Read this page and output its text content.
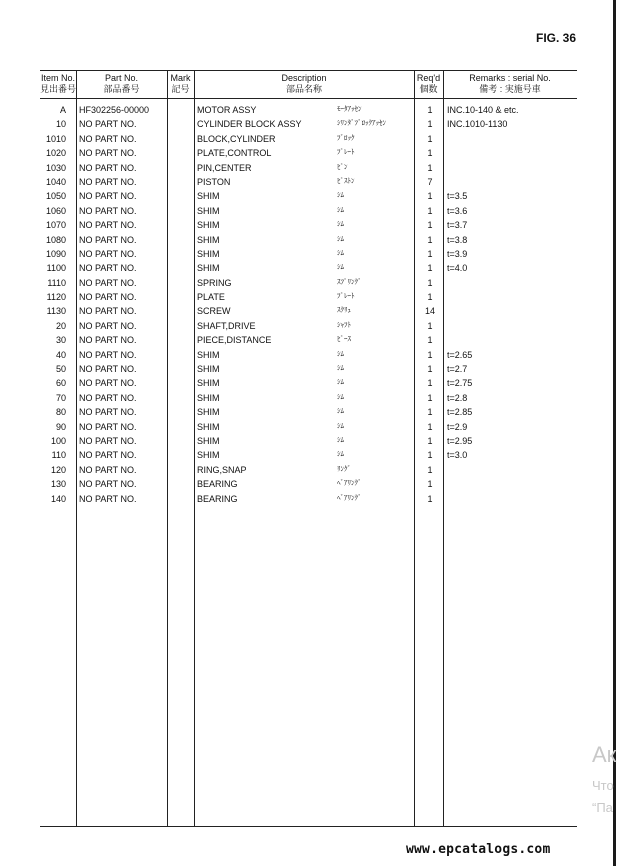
FIG. 36
Item No.
見出番号
Part No.
部品番号
Mark
記号
Description
部品名称
Req'd
個数
Remarks : serial No.
備考 : 実施号車
A HF302256-00000	MOTOR ASSY	ﾓｰﾀｱｯｾﾝ	1	INC.10-140 & etc.
10 NO PART NO.	CYLINDER BLOCK ASSY	ｼﾘﾝﾀﾞﾌﾞﾛｯｸｱｯｾﾝ	1	INC.1010-1130
1010 NO PART NO.	BLOCK,CYLINDER	ﾌﾞﾛｯｸ	1
1020 NO PART NO.	PLATE,CONTROL	ﾌﾟﾚｰﾄ	1
1030 NO PART NO.	PIN,CENTER	ﾋﾟﾝ	1
1040 NO PART NO.	PISTON	ﾋﾟｽﾄﾝ	7
1050 NO PART NO.	SHIM	ｼﾑ	1	t=3.5
1060 NO PART NO.	SHIM	ｼﾑ	1	t=3.6
1070 NO PART NO.	SHIM	ｼﾑ	1	t=3.7
1080 NO PART NO.	SHIM	ｼﾑ	1	t=3.8
1090 NO PART NO.	SHIM	ｼﾑ	1	t=3.9
1100 NO PART NO.	SHIM	ｼﾑ	1	t=4.0
1110 NO PART NO.	SPRING	ｽﾌﾟﾘﾝｸﾞ	1
1120 NO PART NO.	PLATE	ﾌﾟﾚｰﾄ	1
1130 NO PART NO.	SCREW	ｽｸﾘｭ	14
20 NO PART NO.	SHAFT,DRIVE	ｼｬﾌﾄ	1
30 NO PART NO.	PIECE,DISTANCE	ﾋﾟｰｽ	1
40 NO PART NO.	SHIM	ｼﾑ	1	t=2.65
50 NO PART NO.	SHIM	ｼﾑ	1	t=2.7
60 NO PART NO.	SHIM	ｼﾑ	1	t=2.75
70 NO PART NO.	SHIM	ｼﾑ	1	t=2.8
80 NO PART NO.	SHIM	ｼﾑ	1	t=2.85
90 NO PART NO.	SHIM	ｼﾑ	1	t=2.9
100 NO PART NO.	SHIM	ｼﾑ	1	t=2.95
110 NO PART NO.	SHIM	ｼﾑ	1	t=3.0
120 NO PART NO.	RING,SNAP	ﾘﾝｸﾞ	1
130 NO PART NO.	BEARING	ﾍﾞｱﾘﾝｸﾞ	1
140 NO PART NO.	BEARING	ﾍﾞｱﾘﾝｸﾞ	1
Ак
Что
“Па
www.epcatalogs.com
